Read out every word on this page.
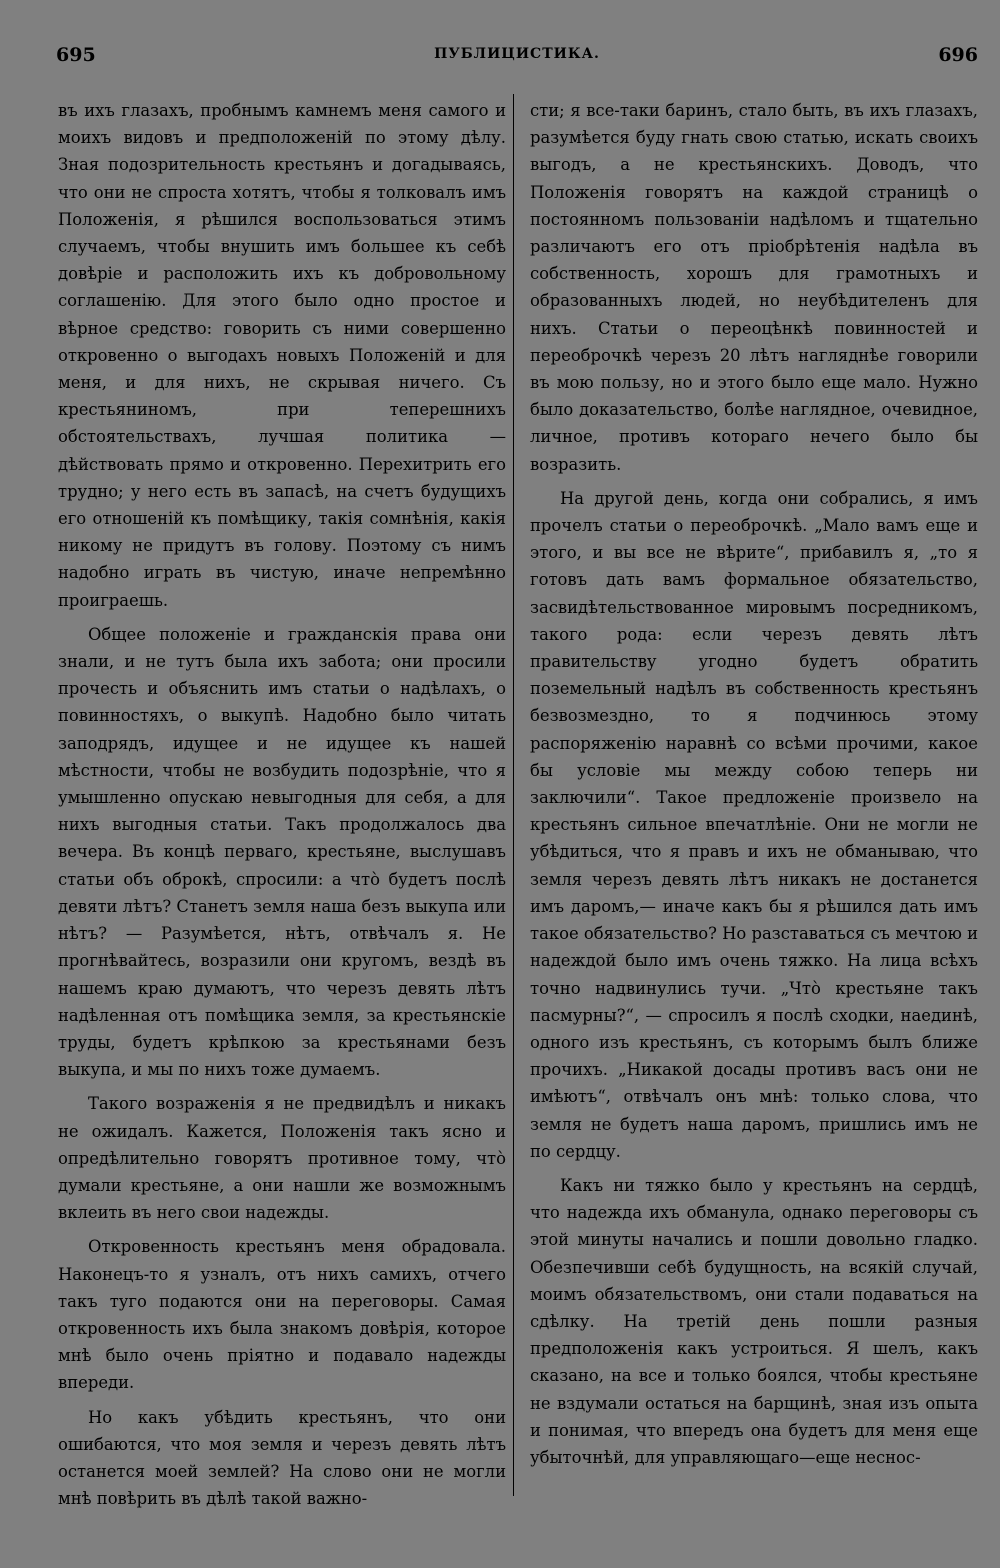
695	ПУБЛИЦИСТИКА.	696

въ ихъ глазахъ, пробнымъ камнемъ меня самого и моихъ видовъ и предположеній по этому дѣлу. Зная подозрительность крестьянъ и догадываясь, что они не спроста хотятъ, чтобы я толковалъ имъ Положенія, я рѣшился воспользоваться этимъ случаемъ, чтобы внушить имъ большее къ себѣ довѣріе и расположить ихъ къ добровольному соглашенію. Для этого было одно простое и вѣрное средство: говорить съ ними совершенно откровенно о выгодахъ новыхъ Положеній и для меня, и для нихъ, не скрывая ничего. Съ крестьяниномъ, при теперешнихъ обстоятельствахъ, лучшая политика — дѣйствовать прямо и откровенно. Перехитрить его трудно; у него есть въ запасѣ, на счетъ будущихъ его отношеній къ помѣщику, такія сомнѣнія, какія никому не придутъ въ голову. Поэтому съ нимъ надобно играть въ чистую, иначе непремѣнно проиграешь.

Общее положеніе и гражданскія права они знали, и не тутъ была ихъ забота; они просили прочесть и объяснить имъ статьи о надѣлахъ, о повинностяхъ, о выкупѣ. Надобно было читать заподрядъ, идущее и не идущее къ нашей мѣстности, чтобы не возбудить подозрѣніе, что я умышленно опускаю невыгодныя для себя, а для нихъ выгодныя статьи. Такъ продолжалось два вечера. Въ концѣ перваго, крестьяне, выслушавъ статьи объ оброкѣ, спросили: а что̀ будетъ послѣ девяти лѣтъ? Станетъ земля наша безъ выкупа или нѣтъ? — Разумѣется, нѣтъ, отвѣчалъ я. Не прогнѣвайтесь, возразили они кругомъ, вездѣ въ нашемъ краю думаютъ, что черезъ девять лѣтъ надѣленная отъ помѣщика земля, за крестьянскіе труды, будетъ крѣпкою за крестьянами безъ выкупа, и мы по нихъ тоже думаемъ.

Такого возраженія я не предвидѣлъ и никакъ не ожидалъ. Кажется, Положенія такъ ясно и опредѣлительно говорятъ противное тому, что̀ думали крестьяне, а они нашли же возможнымъ вклеить въ него свои надежды.

Откровенность крестьянъ меня обрадовала. Наконецъ-то я узналъ, отъ нихъ самихъ, отчего такъ туго подаются они на переговоры. Самая откровенность ихъ была знакомъ довѣрія, которое мнѣ было очень пріятно и подавало надежды впереди.

Но какъ убѣдить крестьянъ, что они ошибаются, что моя земля и черезъ девять лѣтъ останется моей землей? На слово они не могли мнѣ повѣрить въ дѣлѣ такой важно-

сти; я все-таки баринъ, стало быть, въ ихъ глазахъ, разумѣется буду гнать свою статью, искать своихъ выгодъ, а не крестьянскихъ. Доводъ, что Положенія говорятъ на каждой страницѣ о постоянномъ пользованіи надѣломъ и тщательно различаютъ его отъ пріобрѣтенія надѣла въ собственность, хорошъ для грамотныхъ и образованныхъ людей, но неубѣдителенъ для нихъ. Статьи о переоцѣнкѣ повинностей и переоброчкѣ черезъ 20 лѣтъ нагляднѣе говорили въ мою пользу, но и этого было еще мало. Нужно было доказательство, болѣе наглядное, очевидное, личное, противъ котораго нечего было бы возразить.

На другой день, когда они собрались, я имъ прочелъ статьи о переоброчкѣ. „Мало вамъ еще и этого, и вы все не вѣрите“, прибавилъ я, „то я готовъ дать вамъ формальное обязательство, засвидѣтельствованное мировымъ посредникомъ, такого рода: если черезъ девять лѣтъ правительству угодно будетъ обратить поземельный надѣлъ въ собственность крестьянъ безвозмездно, то я подчинюсь этому распоряженію наравнѣ со всѣми прочими, какое бы условіе мы между собою теперь ни заключили“. Такое предложеніе произвело на крестьянъ сильное впечатлѣніе. Они не могли не убѣдиться, что я правъ и ихъ не обманываю, что земля черезъ девять лѣтъ никакъ не достанется имъ даромъ,— иначе какъ бы я рѣшился дать имъ такое обязательство? Но разставаться съ мечтою и надеждой было имъ очень тяжко. На лица всѣхъ точно надвинулись тучи. „Что̀ крестьяне такъ пасмурны?“, — спросилъ я послѣ сходки, наединѣ, одного изъ крестьянъ, съ которымъ былъ ближе прочихъ. „Никакой досады противъ васъ они не имѣютъ“, отвѣчалъ онъ мнѣ: только слова, что земля не будетъ наша даромъ, пришлись имъ не по сердцу.

Какъ ни тяжко было у крестьянъ на сердцѣ, что надежда ихъ обманула, однако переговоры съ этой минуты начались и пошли довольно гладко. Обезпечивши себѣ будущность, на всякій случай, моимъ обязательствомъ, они стали подаваться на сдѣлку. На третій день пошли разныя предположенія какъ устроиться. Я шелъ, какъ сказано, на все и только боялся, чтобы крестьяне не вздумали остаться на барщинѣ, зная изъ опыта и понимая, что впередъ она будетъ для меня еще убыточнѣй, для управляющаго—еще неснос-
